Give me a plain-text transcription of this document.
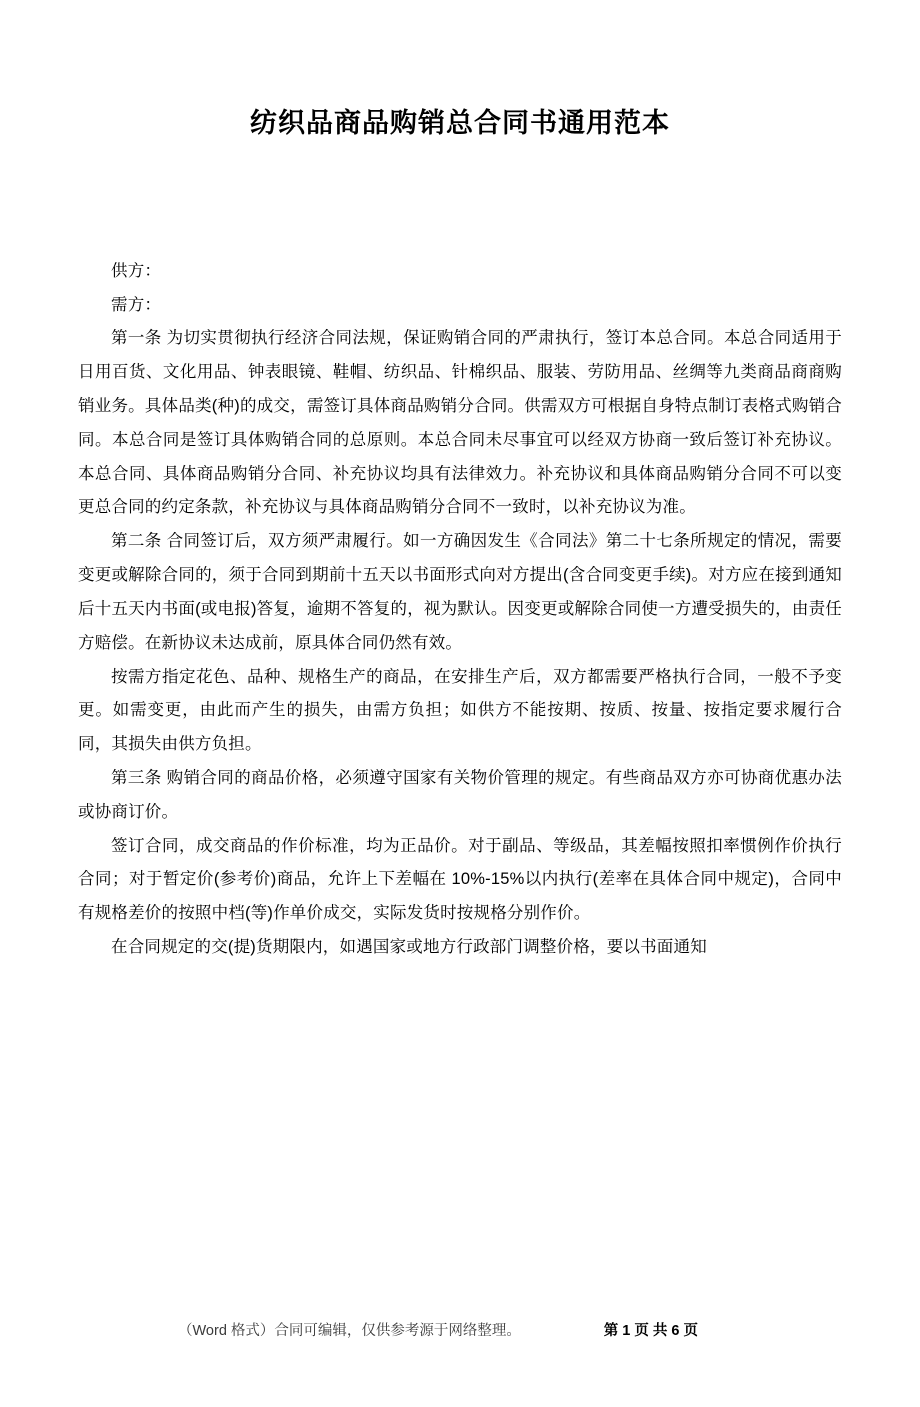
纺织品商品购销总合同书通用范本

供方：

需方：

第一条 为切实贯彻执行经济合同法规，保证购销合同的严肃执行，签订本总合同。本总合同适用于日用百货、文化用品、钟表眼镜、鞋帽、纺织品、针棉织品、服装、劳防用品、丝绸等九类商品商商购销业务。具体品类(种)的成交，需签订具体商品购销分合同。供需双方可根据自身特点制订表格式购销合同。本总合同是签订具体购销合同的总原则。本总合同未尽事宜可以经双方协商一致后签订补充协议。本总合同、具体商品购销分合同、补充协议均具有法律效力。补充协议和具体商品购销分合同不可以变更总合同的约定条款，补充协议与具体商品购销分合同不一致时，以补充协议为准。

第二条 合同签订后，双方须严肃履行。如一方确因发生《合同法》第二十七条所规定的情况，需要变更或解除合同的，须于合同到期前十五天以书面形式向对方提出(含合同变更手续)。对方应在接到通知后十五天内书面(或电报)答复，逾期不答复的，视为默认。因变更或解除合同使一方遭受损失的，由责任方赔偿。在新协议未达成前，原具体合同仍然有效。

按需方指定花色、品种、规格生产的商品，在安排生产后，双方都需要严格执行合同，一般不予变更。如需变更，由此而产生的损失，由需方负担；如供方不能按期、按质、按量、按指定要求履行合同，其损失由供方负担。

第三条 购销合同的商品价格，必须遵守国家有关物价管理的规定。有些商品双方亦可协商优惠办法或协商订价。

签订合同，成交商品的作价标准，均为正品价。对于副品、等级品，其差幅按照扣率惯例作价执行合同；对于暂定价(参考价)商品，允许上下差幅在 10%-15%以内执行(差率在具体合同中规定)，合同中有规格差价的按照中档(等)作单价成交，实际发货时按规格分别作价。

在合同规定的交(提)货期限内，如遇国家或地方行政部门调整价格，要以书面通知

（Word 格式）合同可编辑，仅供参考源于网络整理。	第 1 页 共 6 页
